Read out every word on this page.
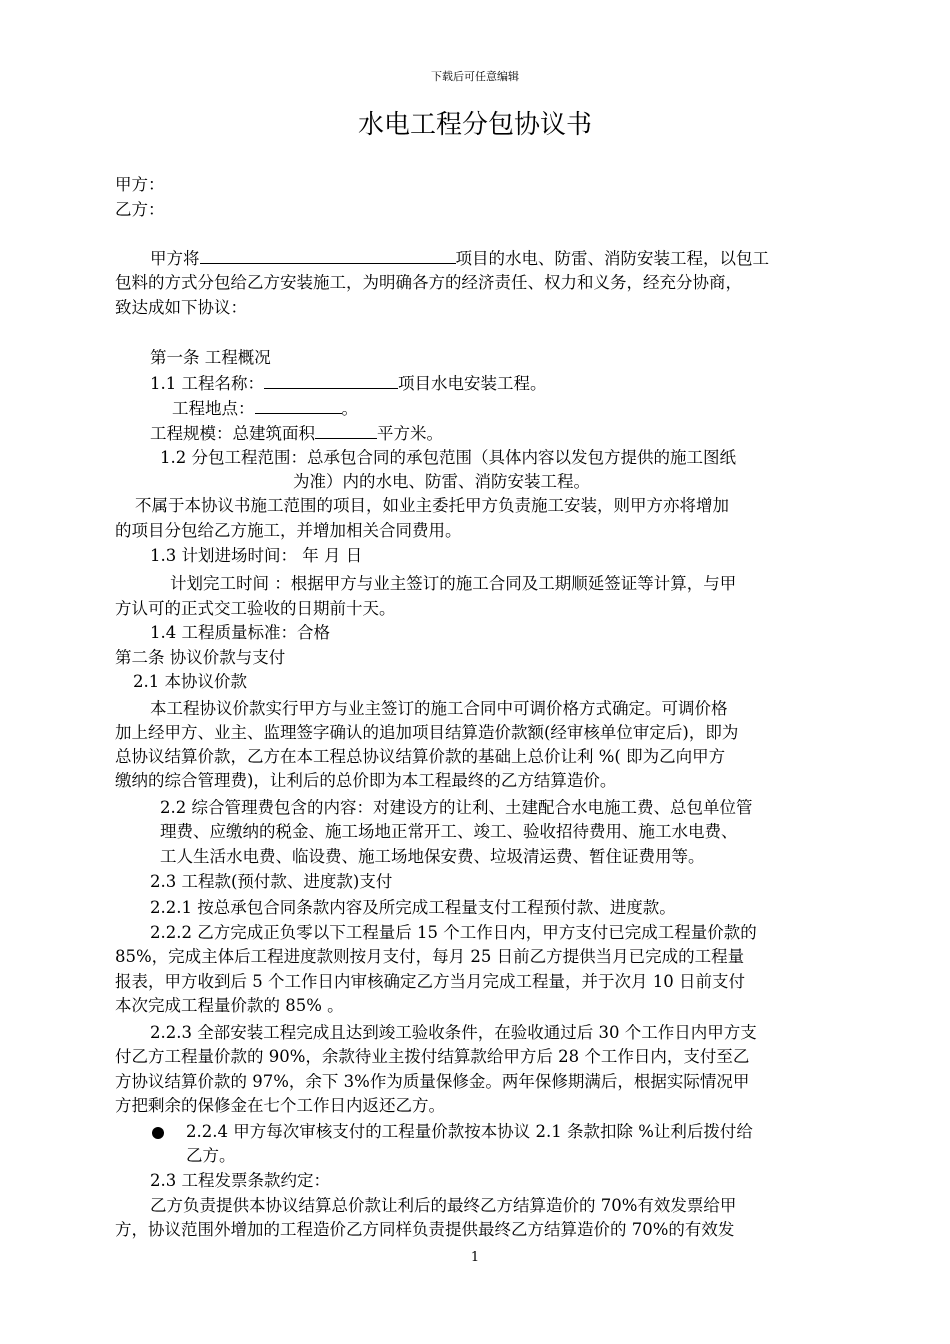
下载后可任意编辑
水电工程分包协议书
甲方：
乙方：
甲方将	项目的水电、防雷、消防安装工程，以包工
包料的方式分包给乙方安装施工，为明确各方的经济责任、权力和义务，经充分协商，
致达成如下协议：
第一条 工程概况
1.1 工程名称：	项目水电安装工程。
工程地点：	。
工程规模：总建筑面积	平方米。
1.2 分包工程范围：总承包合同的承包范围（具体内容以发包方提供的施工图纸
为准）内的水电、防雷、消防安装工程。
不属于本协议书施工范围的项目，如业主委托甲方负责施工安装，则甲方亦将增加
的项目分包给乙方施工，并增加相关合同费用。
1.3 计划进场时间： 年 月 日
计划完工时间 ：根据甲方与业主签订的施工合同及工期顺延签证等计算，与甲
方认可的正式交工验收的日期前十天。
1.4 工程质量标准：合格
第二条 协议价款与支付
2.1 本协议价款
本工程协议价款实行甲方与业主签订的施工合同中可调价格方式确定。可调价格
加上经甲方、业主、监理签字确认的追加项目结算造价款额(经审核单位审定后)，即为
总协议结算价款，乙方在本工程总协议结算价款的基础上总价让利 %( 即为乙向甲方
缴纳的综合管理费)，让利后的总价即为本工程最终的乙方结算造价。
2.2 综合管理费包含的内容：对建设方的让利、土建配合水电施工费、总包单位管
理费、应缴纳的税金、施工场地正常开工、竣工、验收招待费用、施工水电费、
工人生活水电费、临设费、施工场地保安费、垃圾清运费、暂住证费用等。
2.3 工程款(预付款、进度款)支付
2.2.1 按总承包合同条款内容及所完成工程量支付工程预付款、进度款。
2.2.2 乙方完成正负零以下工程量后 15 个工作日内，甲方支付已完成工程量价款的
85%，完成主体后工程进度款则按月支付，每月 25 日前乙方提供当月已完成的工程量
报表，甲方收到后 5 个工作日内审核确定乙方当月完成工程量，并于次月 10 日前支付
本次完成工程量价款的 85% 。
2.2.3 全部安装工程完成且达到竣工验收条件，在验收通过后 30 个工作日内甲方支
付乙方工程量价款的 90%，余款待业主拨付结算款给甲方后 28 个工作日内，支付至乙
方协议结算价款的 97%，余下 3%作为质量保修金。两年保修期满后，根据实际情况甲
方把剩余的保修金在七个工作日内返还乙方。
2.2.4 甲方每次审核支付的工程量价款按本协议 2.1 条款扣除 %让利后拨付给
乙方。
2.3 工程发票条款约定：
乙方负责提供本协议结算总价款让利后的最终乙方结算造价的 70%有效发票给甲
方，协议范围外增加的工程造价乙方同样负责提供最终乙方结算造价的 70%的有效发
1
